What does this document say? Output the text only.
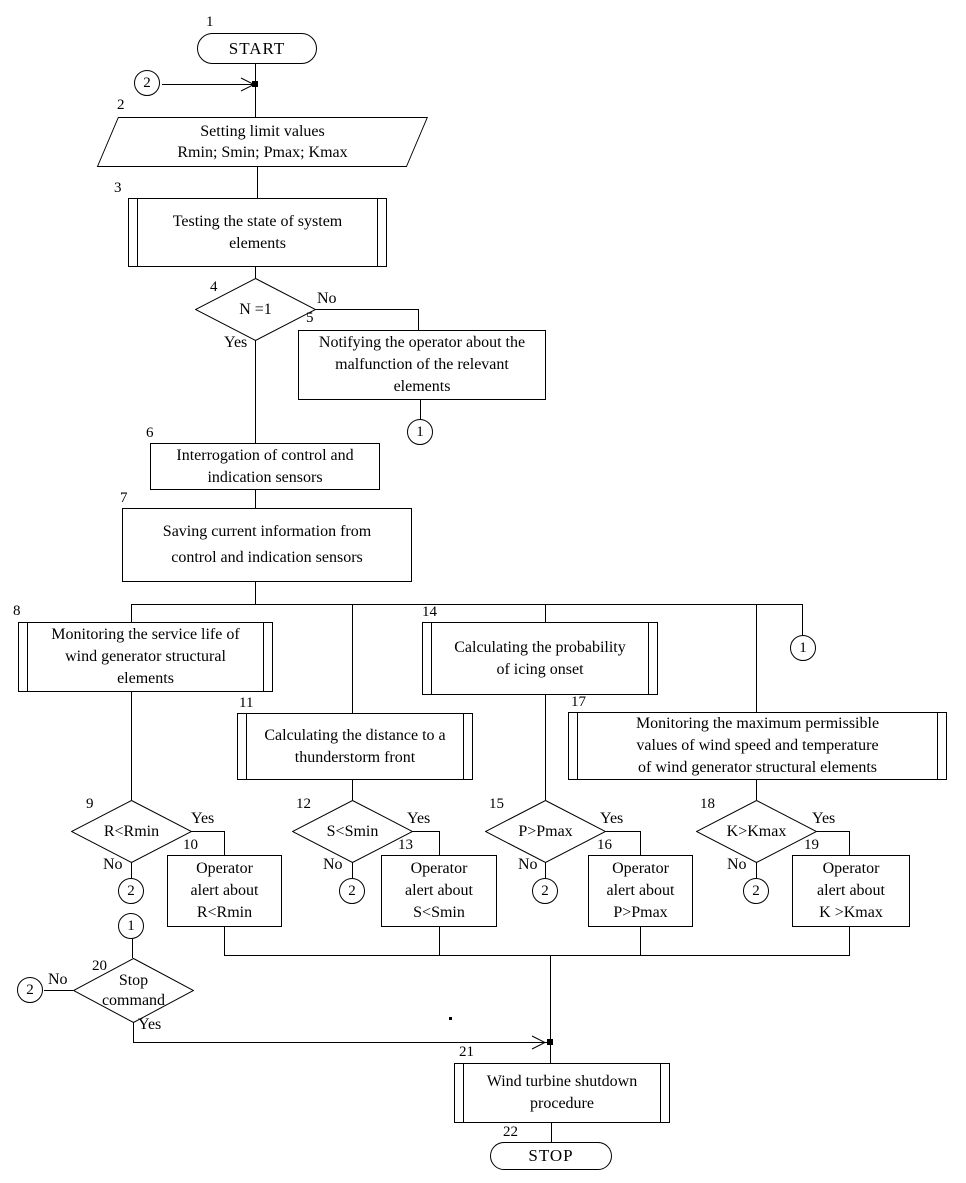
START
Setting limit values
Rmin; Smin; Pmax; Kmax
Testing the state of system
elements
N =1
Notifying the operator about the
malfunction of the relevant
elements
Interrogation of control and
indication sensors
Saving current information from
control and indication sensors
Monitoring the service life of
wind generator structural
elements
Calculating the distance to a
thunderstorm front
Calculating the probability
of icing onset
Monitoring the maximum permissible
values of wind speed and temperature
of wind generator structural elements
R<Rmin	S<Smin	P>Pmax	K>Kmax
Operator
alert about
R<Rmin
Operator
alert about
S<Smin
Operator
alert about
P>Pmax
Operator
alert about
K >Kmax
Stop
command
Wind turbine shutdown
procedure
STOP
2
1
1
2
1
2	2	2
2
1
2
3
4
5
6
7
8
9
10
11
12
13
14
15
16
17
18
19
20
21
22
No
Yes
Yes
No
Yes
No
Yes
No
Yes
No
No
Yes
